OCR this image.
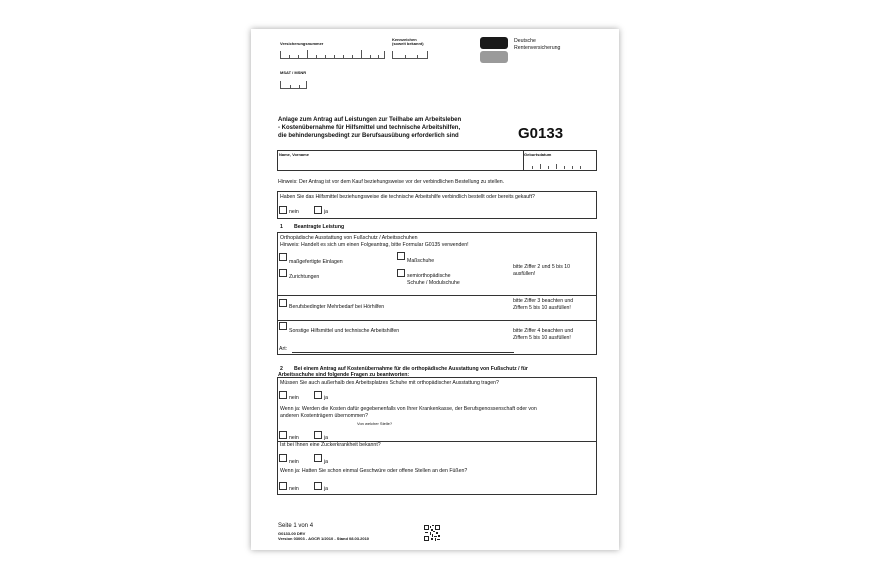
Versicherungsnummer
Kennzeichen
(soweit bekannt)
MSAT / MSNR
Deutsche
Rentenversicherung
Anlage zum Antrag auf Leistungen zur Teilhabe am Arbeitsleben
- Kostenübernahme für Hilfsmittel und technische Arbeitshilfen,
die behinderungsbedingt zur Berufsausübung erforderlich sind	G0133
Name, Vorname	Geburtsdatum
Hinweis: Der Antrag ist vor dem Kauf beziehungsweise vor der verbindlichen Bestellung zu stellen.
Haben Sie das Hilfsmittel beziehungsweise die technische Arbeitshilfe verbindlich bestellt oder bereits gekauft?
nein	ja
1 Beantragte Leistung
Orthopädische Ausstattung von Fußschutz / Arbeitsschuhen
Hinweis: Handelt es sich um einen Folgeantrag, bitte Formular G0135 verwenden!
maßgefertigte Einlagen	Maßschuhe
Zurichtungen	semiorthopädische
Schuhe / Modulschuhe
bitte Ziffer 2 und 5 bis 10
ausfüllen!
Berufsbedingter Mehrbedarf bei Hörhilfen
bitte Ziffer 3 beachten und
Ziffern 5 bis 10 ausfüllen!
Sonstige Hilfsmittel und technische Arbeitshilfen	bitte Ziffer 4 beachten und
Ziffern 5 bis 10 ausfüllen!
Art:
2 Bei einem Antrag auf Kostenübernahme für die orthopädische Ausstattung von Fußschutz / für
Arbeitsschuhe sind folgende Fragen zu beantworten:
Müssen Sie auch außerhalb des Arbeitsplatzes Schuhe mit orthopädischer Ausstattung tragen?
nein	ja
Wenn ja: Werden die Kosten dafür gegebenenfalls von Ihrer Krankenkasse, der Berufsgenossenschaft oder von
anderen Kostenträgern übernommen?
Von welcher Stelle?
nein	ja
Ist bei Ihnen eine Zuckerkrankheit bekannt?
nein	ja
Wenn ja: Hatten Sie schon einmal Geschwüre oder offene Stellen an den Füßen?
nein	ja
Seite 1 von 4
G0133-00 DRV
Version 03003 - AGCR 1/2010 - Stand 08.03.2010
